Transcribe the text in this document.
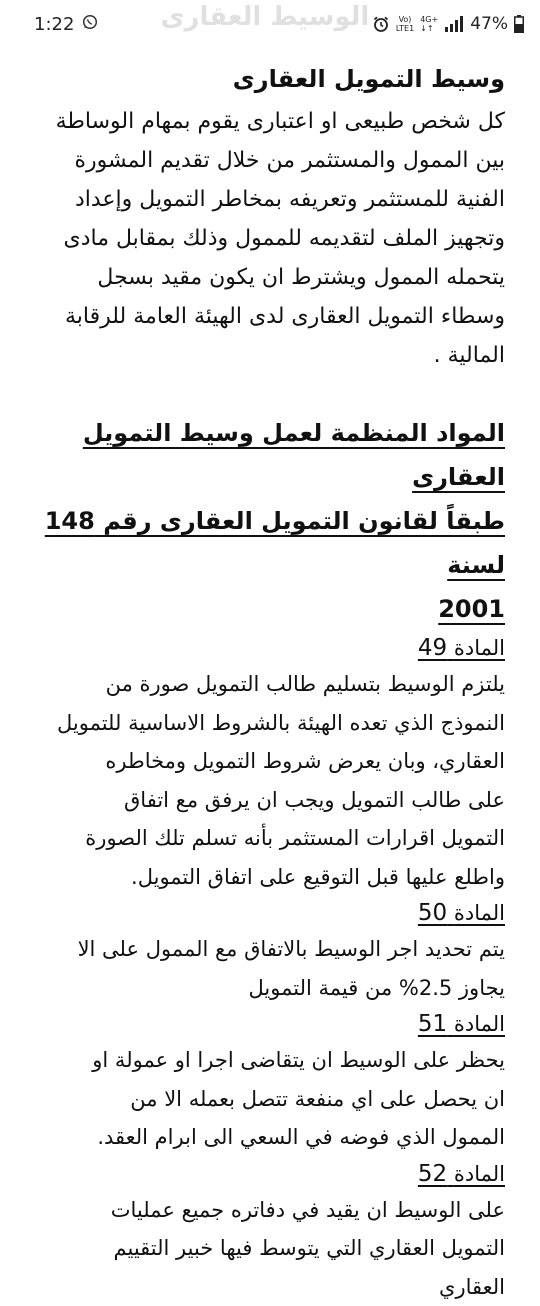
الوسيط العقارى
1:22	Vo)
LTE1
4G+
↓↑ 47%

وسيط التمويل العقارى

كل شخص طبيعى او اعتبارى يقوم بمهام الوساطة

بين الممول والمستثمر من خلال تقديم المشورة

الفنية للمستثمر وتعريفه بمخاطر التمويل وإعداد

وتجهيز الملف لتقديمه للممول وذلك بمقابل مادى

يتحمله الممول ويشترط ان يكون مقيد بسجل

وسطاء التمويل العقارى لدى الهيئة العامة للرقابة

المالية .

المواد المنظمة لعمل وسيط التمويل العقارى

طبقاً لقانون التمويل العقارى رقم 148 لسنة

2001

المادة 49

يلتزم الوسيط بتسليم طالب التمويل صورة من

النموذج الذي تعده الهيئة بالشروط الاساسية للتمويل

العقاري، وبان يعرض شروط التمويل ومخاطره

على طالب التمويل ويجب ان يرفق مع اتفاق

التمويل اقرارات المستثمر بأنه تسلم تلك الصورة

واطلع عليها قبل التوقيع على اتفاق التمويل.

المادة 50

يتم تحديد اجر الوسيط بالاتفاق مع الممول على الا

يجاوز 2.5% من قيمة التمويل

المادة 51

يحظر على الوسيط ان يتقاضى اجرا او عمولة او

ان يحصل على اي منفعة تتصل بعمله الا من

الممول الذي فوضه في السعي الى ابرام العقد.

المادة 52

على الوسيط ان يقيد في دفاتره جميع عمليات

التمويل العقاري التي يتوسط فيها خبير التقييم

العقاري
